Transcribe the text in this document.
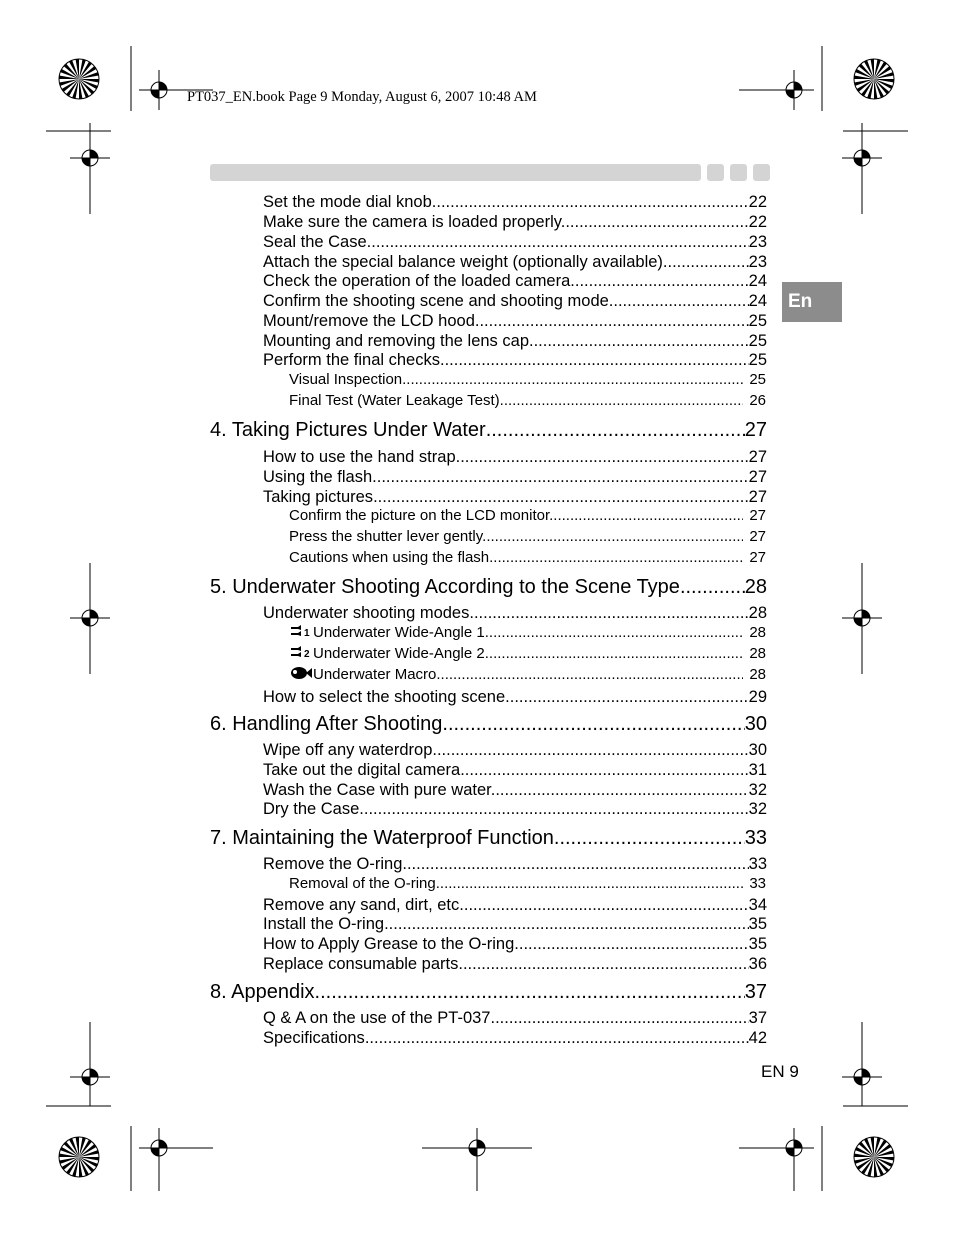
PT037_EN.book Page 9 Monday, August 6, 2007 10:48 AM
En
Set the mode dial knob. .....	22
Make sure the camera is loaded properly. .....	22
Seal the Case. .....	23
Attach the special balance weight (optionally available). .....	23
Check the operation of the loaded camera. .....	24
Confirm the shooting scene and shooting mode. .....	24
Mount/remove the LCD hood .....	25
Mounting and removing the lens cap. .....	25
Perform the final checks. .....	25
Visual Inspection .....	25
Final Test (Water Leakage Test) .....	26
4. Taking Pictures Under Water .....	27
How to use the hand strap .....	27
Using the flash .....	27
Taking pictures .....	27
Confirm the picture on the LCD monitor. .....	27
Press the shutter lever gently. .....	27
Cautions when using the flash .....	27
5. Underwater Shooting According to the Scene Type .....	28
Underwater shooting modes .....	28
1 Underwater Wide-Angle 1 .....	28
2 Underwater Wide-Angle 2 .....	28
Underwater Macro .....	28
How to select the shooting scene .....	29
6. Handling After Shooting .....	30
Wipe off any waterdrop. .....	30
Take out the digital camera .....	31
Wash the Case with pure water. .....	32
Dry the Case. .....	32
7. Maintaining the Waterproof Function .....	33
Remove the O-ring .....	33
Removal of the O-ring .....	33
Remove any sand, dirt, etc. .....	34
Install the O-ring .....	35
How to Apply Grease to the O-ring .....	35
Replace consumable parts. .....	36
8. Appendix .....	37
Q & A on the use of the PT-037 .....	37
Specifications .....	42
EN 9
